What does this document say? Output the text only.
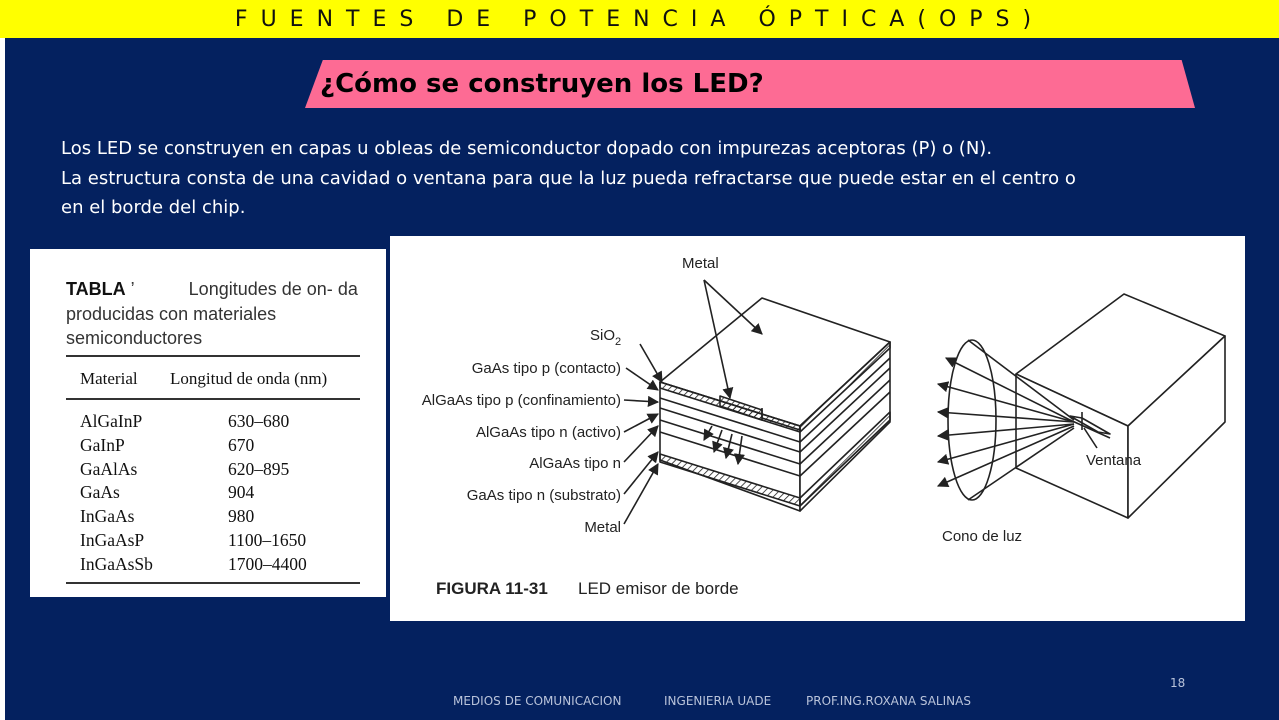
FUENTES DE POTENCIA ÓPTICA(OPS)
¿Cómo se construyen los LED?

Los LED se construyen en capas u obleas de semiconductor dopado con impurezas aceptoras (P) o (N).

La estructura consta de una cavidad o ventana para que la luz pueda refractarse que puede estar en el centro o

en el borde del chip.

TABLA ’	Longitudes de on- da producidas con materiales semiconductores
Material Longitud de onda (nm)
AlGaInP	630–680
GaInP	670
GaAlAs	620–895
GaAs	904
InGaAs	980
InGaAsP	1100–1650
InGaAsSb	1700–4400
Metal
SiO$_2$
GaAs tipo p (contacto)
AlGaAs tipo p (confinamiento)
AlGaAs tipo n (activo)
AlGaAs tipo n
GaAs tipo n (substrato)
Metal
Ventana
Cono de luz
FIGURA 11-31 LED emisor de borde
MEDIOS DE COMUNICACION	INGENIERIA UADE	PROF.ING.ROXANA SALINAS
18
